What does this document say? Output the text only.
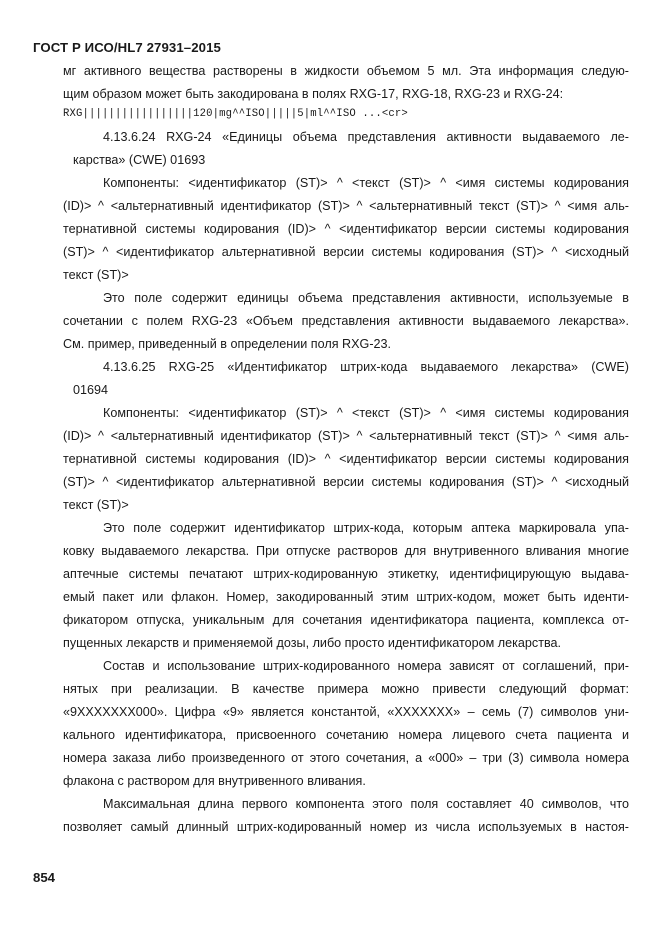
ГОСТ Р ИСО/HL7 27931–2015
мг активного вещества растворены в жидкости объемом 5 мл. Эта информация следую-
щим образом может быть закодирована в полях RXG-17, RXG-18, RXG-23 и RXG-24:
RXG|||||||||||||||||120|mg^^ISO|||||5|ml^^ISO ...<cr>
4.13.6.24 RXG-24 «Единицы объема представления активности выдаваемого ле-
карства» (CWE) 01693
Компоненты: <идентификатор (ST)> ^ <текст (ST)> ^ <имя системы кодирования
(ID)> ^ <альтернативный идентификатор (ST)> ^ <альтернативный текст (ST)> ^ <имя аль-
тернативной системы кодирования (ID)> ^ <идентификатор версии системы кодирования
(ST)> ^ <идентификатор альтернативной версии системы кодирования (ST)> ^ <исходный
текст (ST)>
Это поле содержит единицы объема представления активности, используемые в
сочетании с полем RXG-23 «Объем представления активности выдаваемого лекарства».
См. пример, приведенный в определении поля RXG-23.
4.13.6.25 RXG-25 «Идентификатор штрих-кода выдаваемого лекарства» (CWE)
01694
Компоненты: <идентификатор (ST)> ^ <текст (ST)> ^ <имя системы кодирования
(ID)> ^ <альтернативный идентификатор (ST)> ^ <альтернативный текст (ST)> ^ <имя аль-
тернативной системы кодирования (ID)> ^ <идентификатор версии системы кодирования
(ST)> ^ <идентификатор альтернативной версии системы кодирования (ST)> ^ <исходный
текст (ST)>
Это поле содержит идентификатор штрих-кода, которым аптека маркировала упа-
ковку выдаваемого лекарства. При отпуске растворов для внутривенного вливания многие
аптечные системы печатают штрих-кодированную этикетку, идентифицирующую выдава-
емый пакет или флакон. Номер, закодированный этим штрих-кодом, может быть иденти-
фикатором отпуска, уникальным для сочетания идентификатора пациента, комплекса от-
пущенных лекарств и применяемой дозы, либо просто идентификатором лекарства.
Состав и использование штрих-кодированного номера зависят от соглашений, при-
нятых при реализации. В качестве примера можно привести следующий формат:
«9XXXXXXX000». Цифра «9» является константой, «XXXXXXX» – семь (7) символов уни-
кального идентификатора, присвоенного сочетанию номера лицевого счета пациента и
номера заказа либо произведенного от этого сочетания, а «000» – три (3) символа номера
флакона с раствором для внутривенного вливания.
Максимальная длина первого компонента этого поля составляет 40 символов, что
позволяет самый длинный штрих-кодированный номер из числа используемых в настоя-
854
